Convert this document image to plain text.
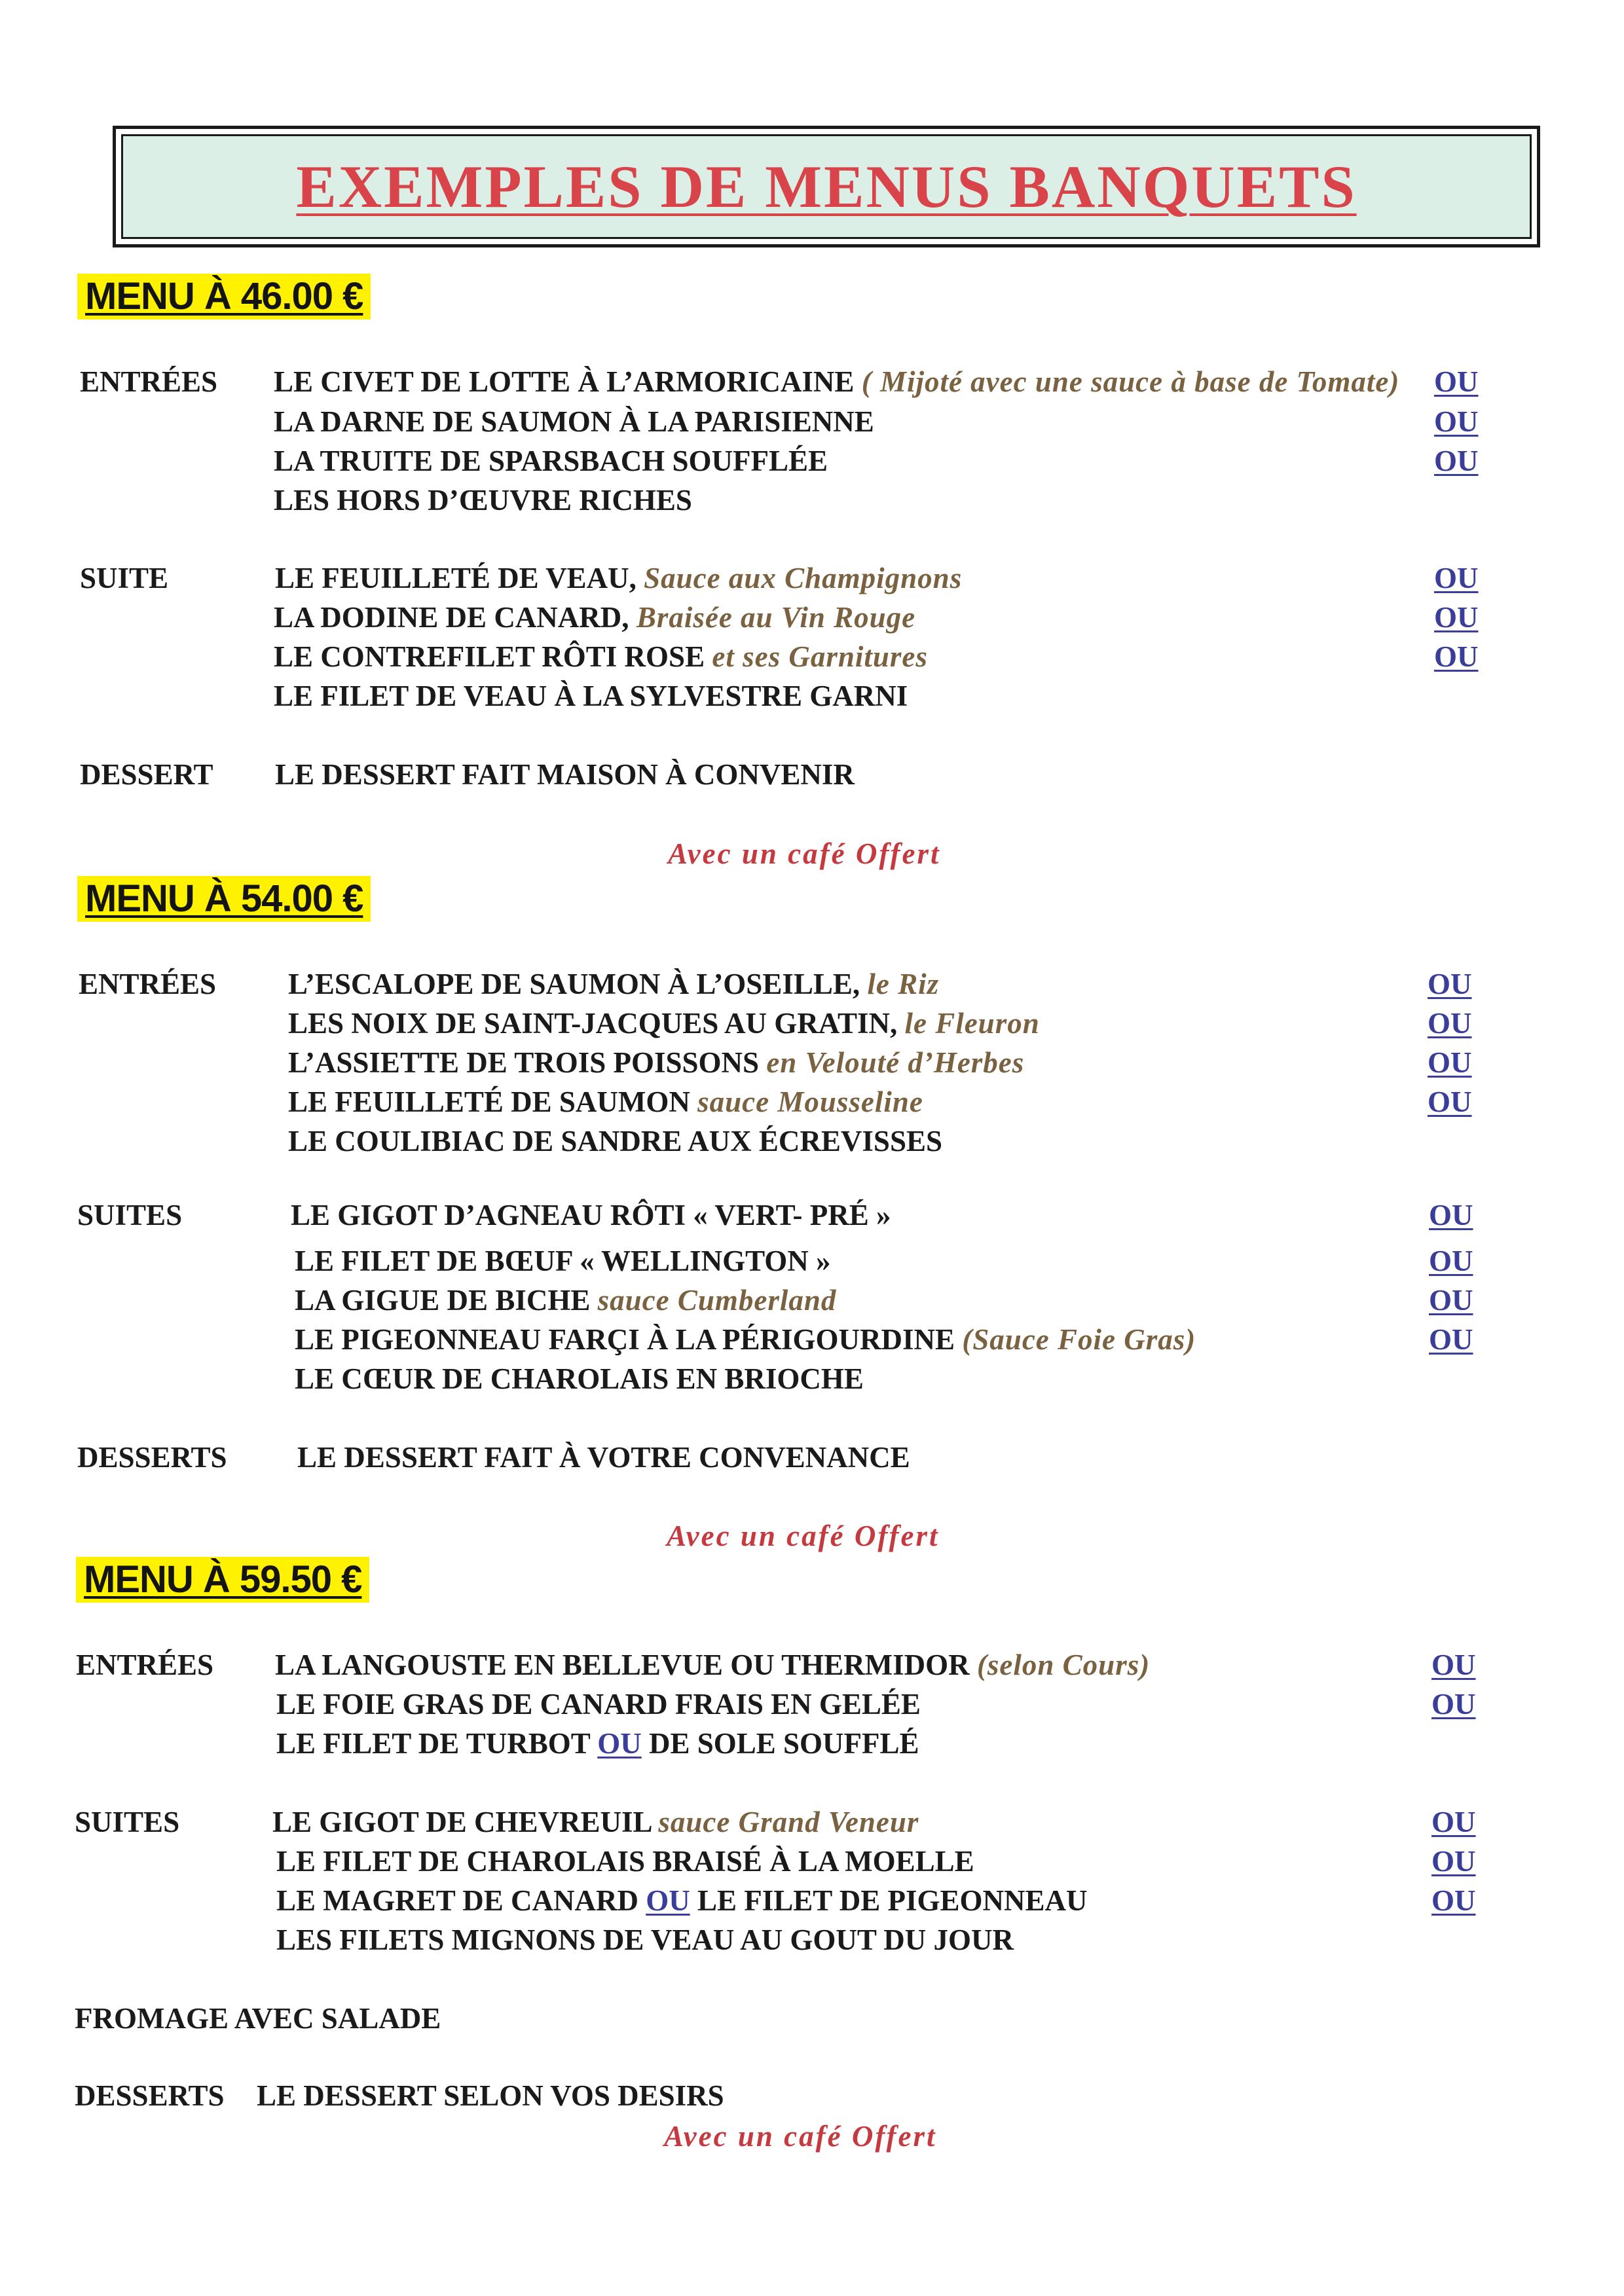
EXEMPLES DE MENUS BANQUETS
MENU À 46.00 €
ENTRÉES LE CIVET DE LOTTE À L’ARMORICAINE ( Mijoté avec une sauce à base de Tomate) OU
LA DARNE DE SAUMON À LA PARISIENNE	OU
LA TRUITE DE SPARSBACH SOUFFLÉE	OU
LES HORS D’ŒUVRE RICHES
SUITE	LE FEUILLETÉ DE VEAU, Sauce aux Champignons	OU
LA DODINE DE CANARD, Braisée au Vin Rouge	OU
LE CONTREFILET RÔTI ROSE et ses Garnitures	OU
LE FILET DE VEAU À LA SYLVESTRE GARNI
DESSERT LE DESSERT FAIT MAISON À CONVENIR
Avec un café Offert
MENU À 54.00 €
ENTRÉES L’ESCALOPE DE SAUMON À L’OSEILLE, le Riz	OU
LES NOIX DE SAINT-JACQUES AU GRATIN, le Fleuron	OU
L’ASSIETTE DE TROIS POISSONS en Velouté d’Herbes	OU
LE FEUILLETÉ DE SAUMON sauce Mousseline	OU
LE COULIBIAC DE SANDRE AUX ÉCREVISSES
SUITES	LE GIGOT D’AGNEAU RÔTI « VERT- PRÉ »	OU
LE FILET DE BŒUF « WELLINGTON »	OU
LA GIGUE DE BICHE sauce Cumberland	OU
LE PIGEONNEAU FARÇI À LA PÉRIGOURDINE (Sauce Foie Gras)	OU
LE CŒUR DE CHAROLAIS EN BRIOCHE
DESSERTS LE DESSERT FAIT À VOTRE CONVENANCE
Avec un café Offert
MENU À 59.50 €
ENTRÉES LA LANGOUSTE EN BELLEVUE OU THERMIDOR (selon Cours)	OU
LE FOIE GRAS DE CANARD FRAIS EN GELÉE	OU
LE FILET DE TURBOT OU DE SOLE SOUFFLÉ
SUITES	LE GIGOT DE CHEVREUIL sauce Grand Veneur	OU
LE FILET DE CHAROLAIS BRAISÉ À LA MOELLE	OU
LE MAGRET DE CANARD OU LE FILET DE PIGEONNEAU	OU
LES FILETS MIGNONS DE VEAU AU GOUT DU JOUR
FROMAGE AVEC SALADE
DESSERTS LE DESSERT SELON VOS DESIRS
Avec un café Offert
